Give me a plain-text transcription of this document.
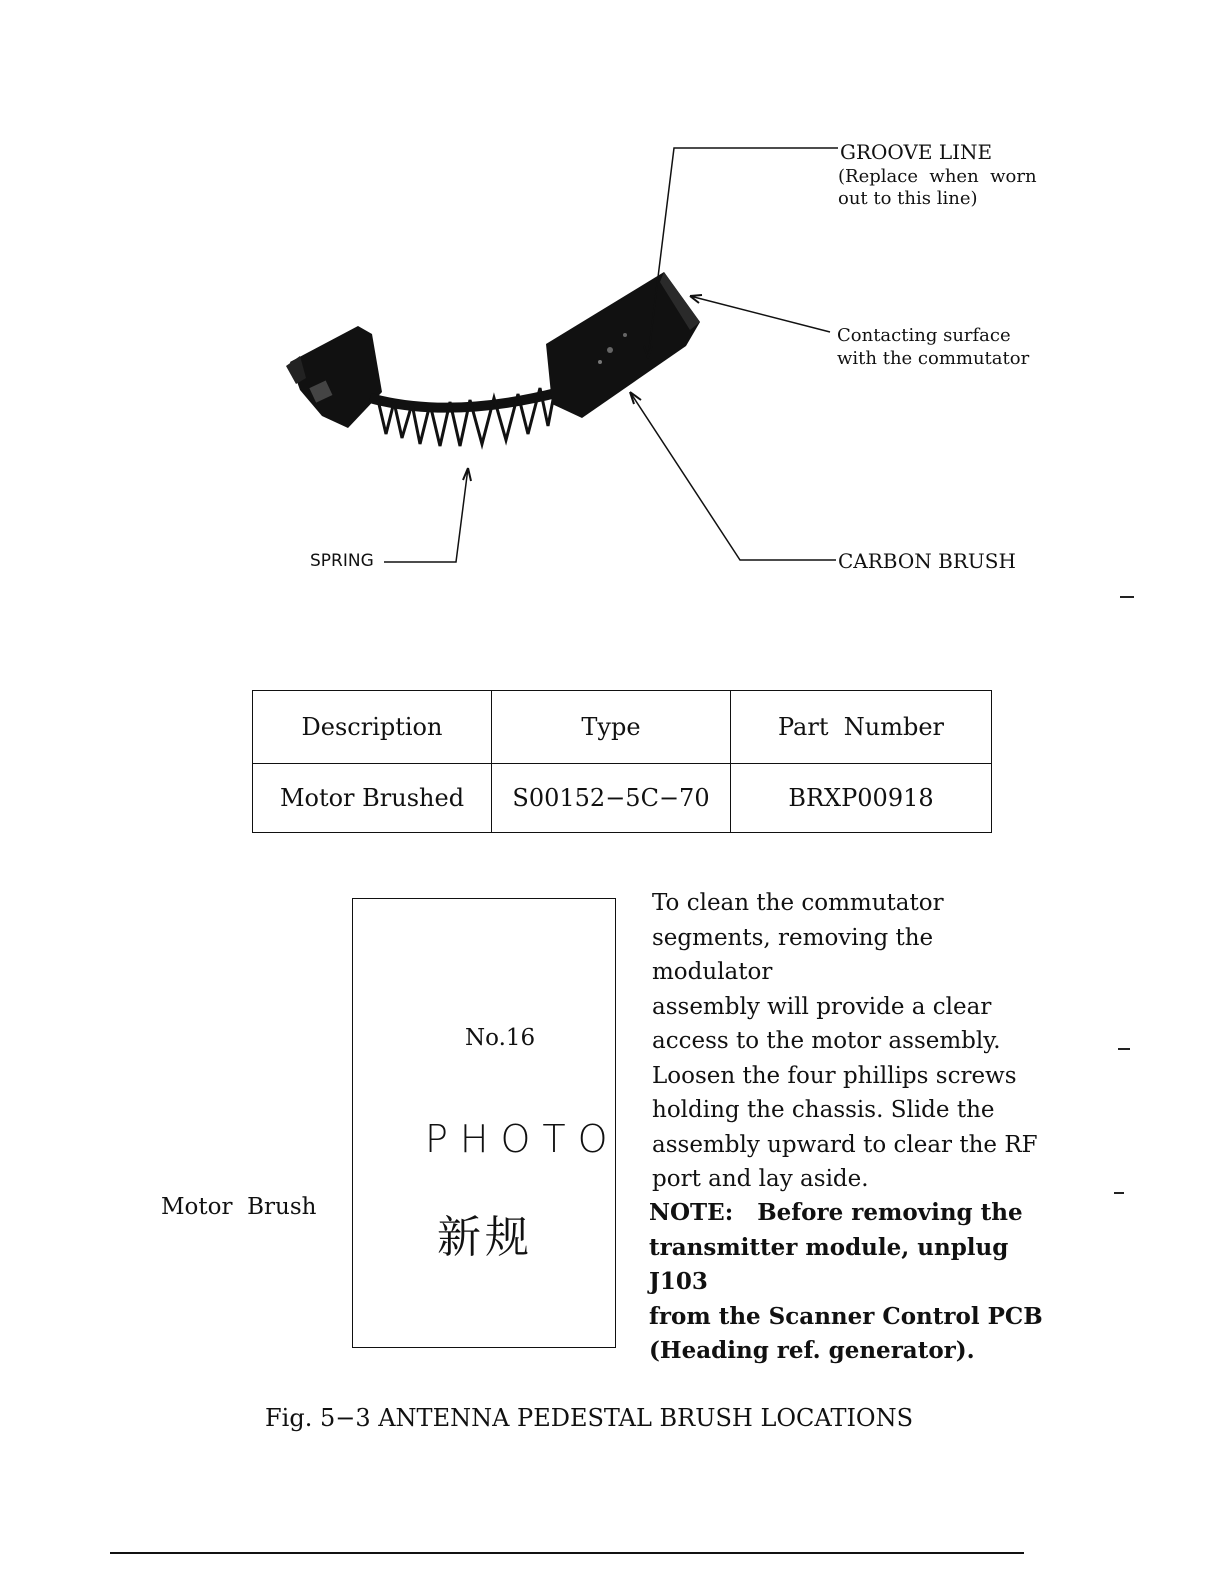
GROOVE LINE
(Replace  when  worn
out to this line)
Contacting surface
with the commutator
SPRING	CARBON BRUSH
Description	Type	Part  Number
Motor Brushed	S00152−5C−70	BRXP00918
Motor  Brush
No.16
PHOTO
新规
To clean the commutator
segments, removing the modulator
assembly will provide a clear
access to the motor assembly.
Loosen the four phillips screws
holding the chassis. Slide the
assembly upward to clear the RF
port and lay aside.
NOTE:   Before removing the
transmitter module, unplug J103
from the Scanner Control PCB
(Heading ref. generator).
Fig. 5−3 ANTENNA PEDESTAL BRUSH LOCATIONS
